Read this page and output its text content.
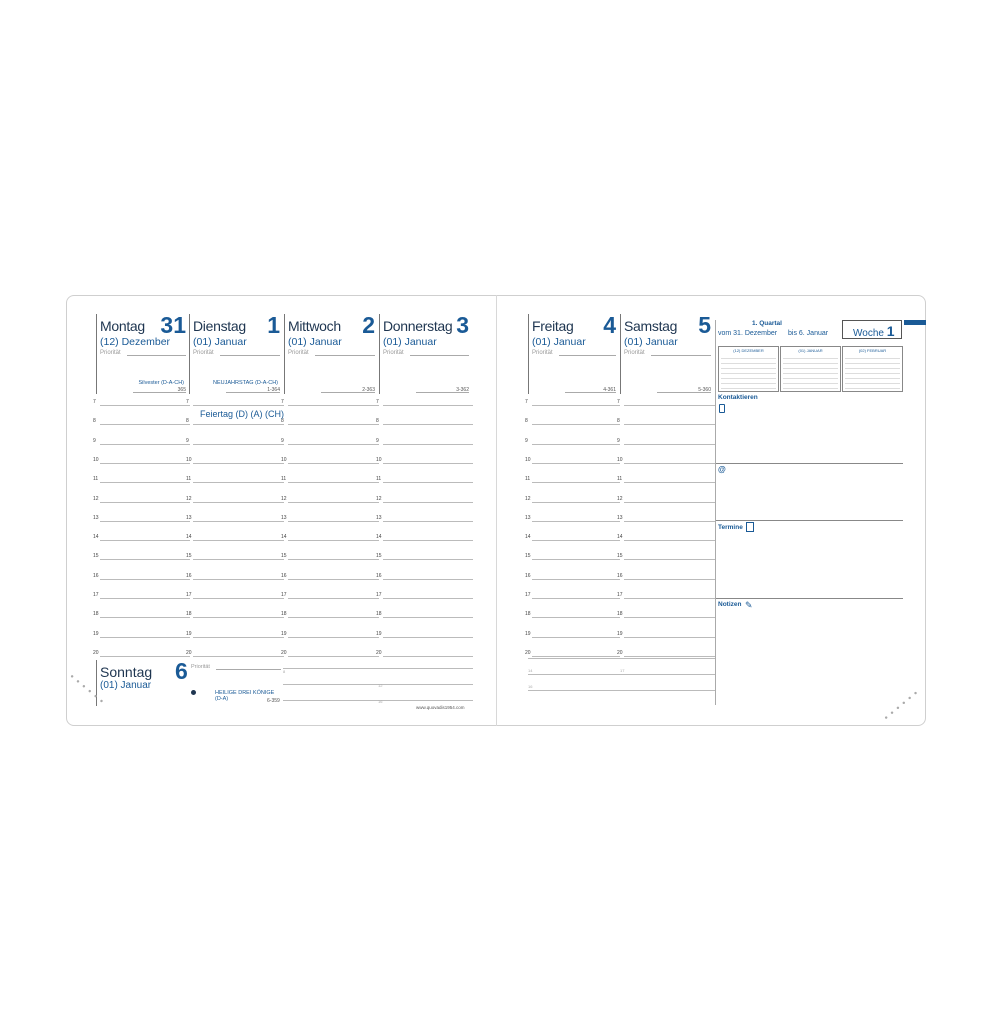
Montag 31
(12) Dezember
Priorität
Silvester (D-A-CH)
365
Dienstag 1
(01) Januar
Priorität
NEUJAHRSTAG (D-A-CH)
1-364
Mittwoch 2
(01) Januar
Priorität
2-363
Donnerstag 3
(01) Januar
Priorität
3-362
Freitag 4
(01) Januar
Priorität
4-361
Samstag 5
(01) Januar
Priorität
5-360
7
8
9
10
11
12
13
14
15
16
17
18
19
20
7
8
9
10
11
12
13
14
15
16
17
18
19
20
7
8
9
10
11
12
13
14
15
16
17
18
19
20
7
8
9
10
11
12
13
14
15
16
17
18
19
20
7
8
9
10
11
12
13
14
15
16
17
18
19
20
7
8
9
10
11
12
13
14
15
16
17
18
19
20
Feiertag (D) (A) (CH)
Sonntag 6
(01) Januar
Priorität
HEILIGE DREI KÖNIGE (D-A)	6-359
8
12
16
www.quovadis1954.com
1. Quartal
vom 31. Dezember bis 6. Januar	Woche 1
(12) DEZEMBER	(01) JANUAR	(02) FEBRUAR
Kontaktieren
@
Termine
Notizen ✎
14	17
16
• • • • • •	• • • • • •
